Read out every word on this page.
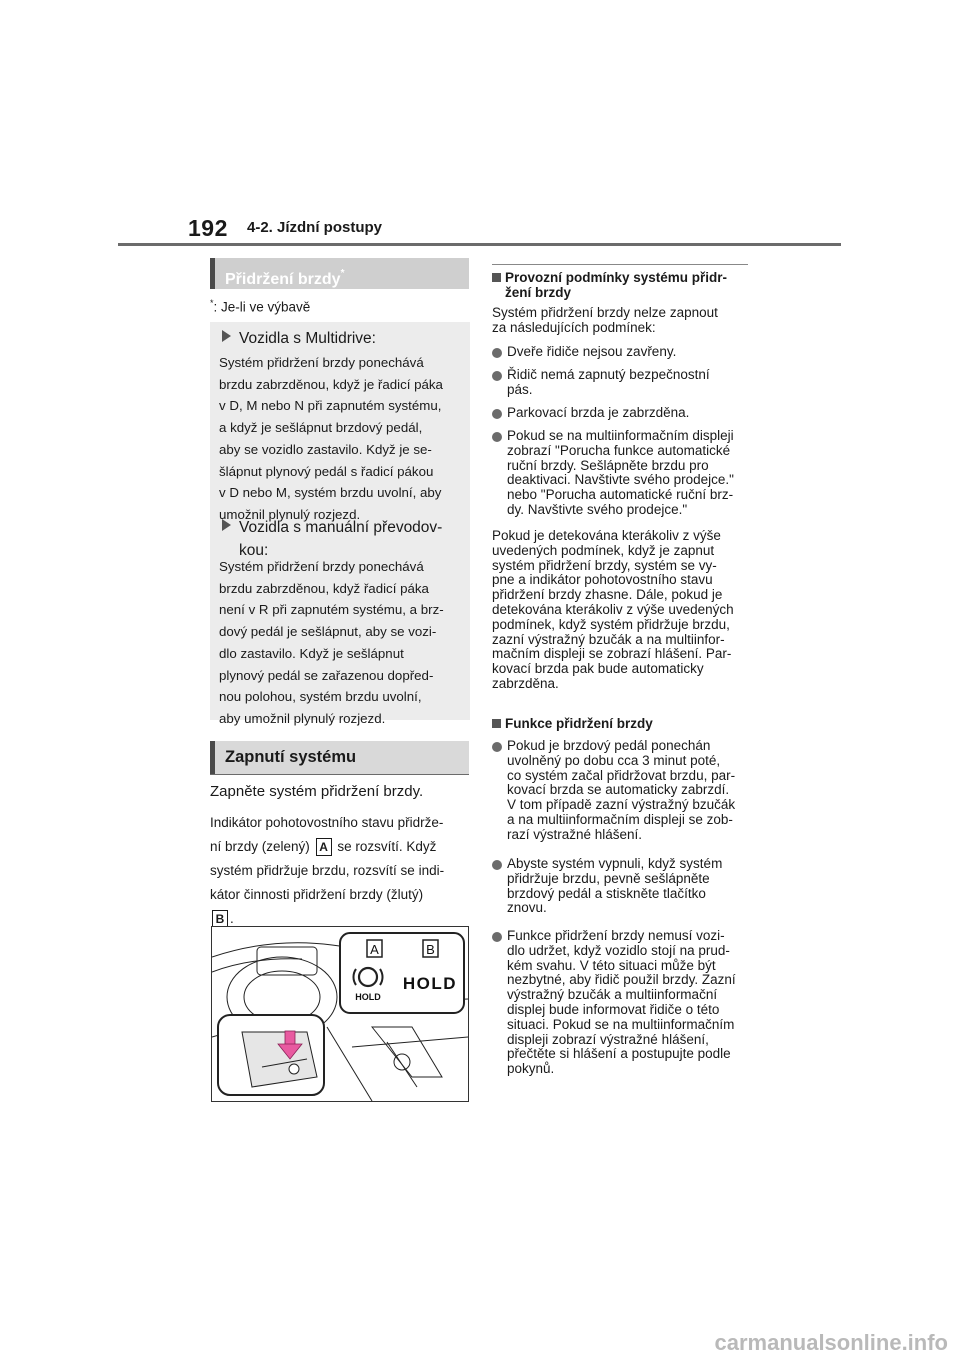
192 4-2. Jízdní postupy
Přidržení brzdy*
*: Je-li ve výbavě
Vozidla s Multidrive:
Systém přidržení brzdy ponechává
brzdu zabrzděnou, když je řadicí páka
v D, M nebo N při zapnutém systému,
a když je sešlápnut brzdový pedál,
aby se vozidlo zastavilo. Když je se-
šlápnut plynový pedál s řadicí pákou
v D nebo M, systém brzdu uvolní, aby
umožnil plynulý rozjezd.
Vozidla s manuální převodov-
kou:
Systém přidržení brzdy ponechává
brzdu zabrzděnou, když řadicí páka
není v R při zapnutém systému, a brz-
dový pedál je sešlápnut, aby se vozi-
dlo zastavilo. Když je sešlápnut
plynový pedál se zařazenou dopřed-
nou polohou, systém brzdu uvolní,
aby umožnil plynulý rozjezd.
Zapnutí systému
Zapněte systém přidržení brzdy.
Indikátor pohotovostního stavu přidrže-
ní brzdy (zelený) A se rozsvítí. Když
systém přidržuje brzdu, rozsvítí se indi-
kátor činnosti přidržení brzdy (žlutý)
B .
A	B
HOLD
HOLD
Provozní podmínky systému přidr-
žení brzdy
Systém přidržení brzdy nelze zapnout
za následujících podmínek:
Dveře řidiče nejsou zavřeny.
Řidič nemá zapnutý bezpečnostní
pás.
Parkovací brzda je zabrzděna.
Pokud se na multiinformačním displeji
zobrazí "Porucha funkce automatické
ruční brzdy. Sešlápněte brzdu pro
deaktivaci. Navštivte svého prodejce."
nebo "Porucha automatické ruční brz-
dy. Navštivte svého prodejce."
Pokud je detekována kterákoliv z výše
uvedených podmínek, když je zapnut
systém přidržení brzdy, systém se vy-
pne a indikátor pohotovostního stavu
přidržení brzdy zhasne. Dále, pokud je
detekována kterákoliv z výše uvedených
podmínek, když systém přidržuje brzdu,
zazní výstražný bzučák a na multiinfor-
mačním displeji se zobrazí hlášení. Par-
kovací brzda pak bude automaticky
zabrzděna.
Funkce přidržení brzdy
Pokud je brzdový pedál ponechán
uvolněný po dobu cca 3 minut poté,
co systém začal přidržovat brzdu, par-
kovací brzda se automaticky zabrzdí.
V tom případě zazní výstražný bzučák
a na multiinformačním displeji se zob-
razí výstražné hlášení.
Abyste systém vypnuli, když systém
přidržuje brzdu, pevně sešlápněte
brzdový pedál a stiskněte tlačítko
znovu.
Funkce přidržení brzdy nemusí vozi-
dlo udržet, když vozidlo stojí na prud-
kém svahu. V této situaci může být
nezbytné, aby řidič použil brzdy. Zazní
výstražný bzučák a multiinformační
displej bude informovat řidiče o této
situaci. Pokud se na multiinformačním
displeji zobrazí výstražné hlášení,
přečtěte si hlášení a postupujte podle
pokynů.
carmanualsonline.info
